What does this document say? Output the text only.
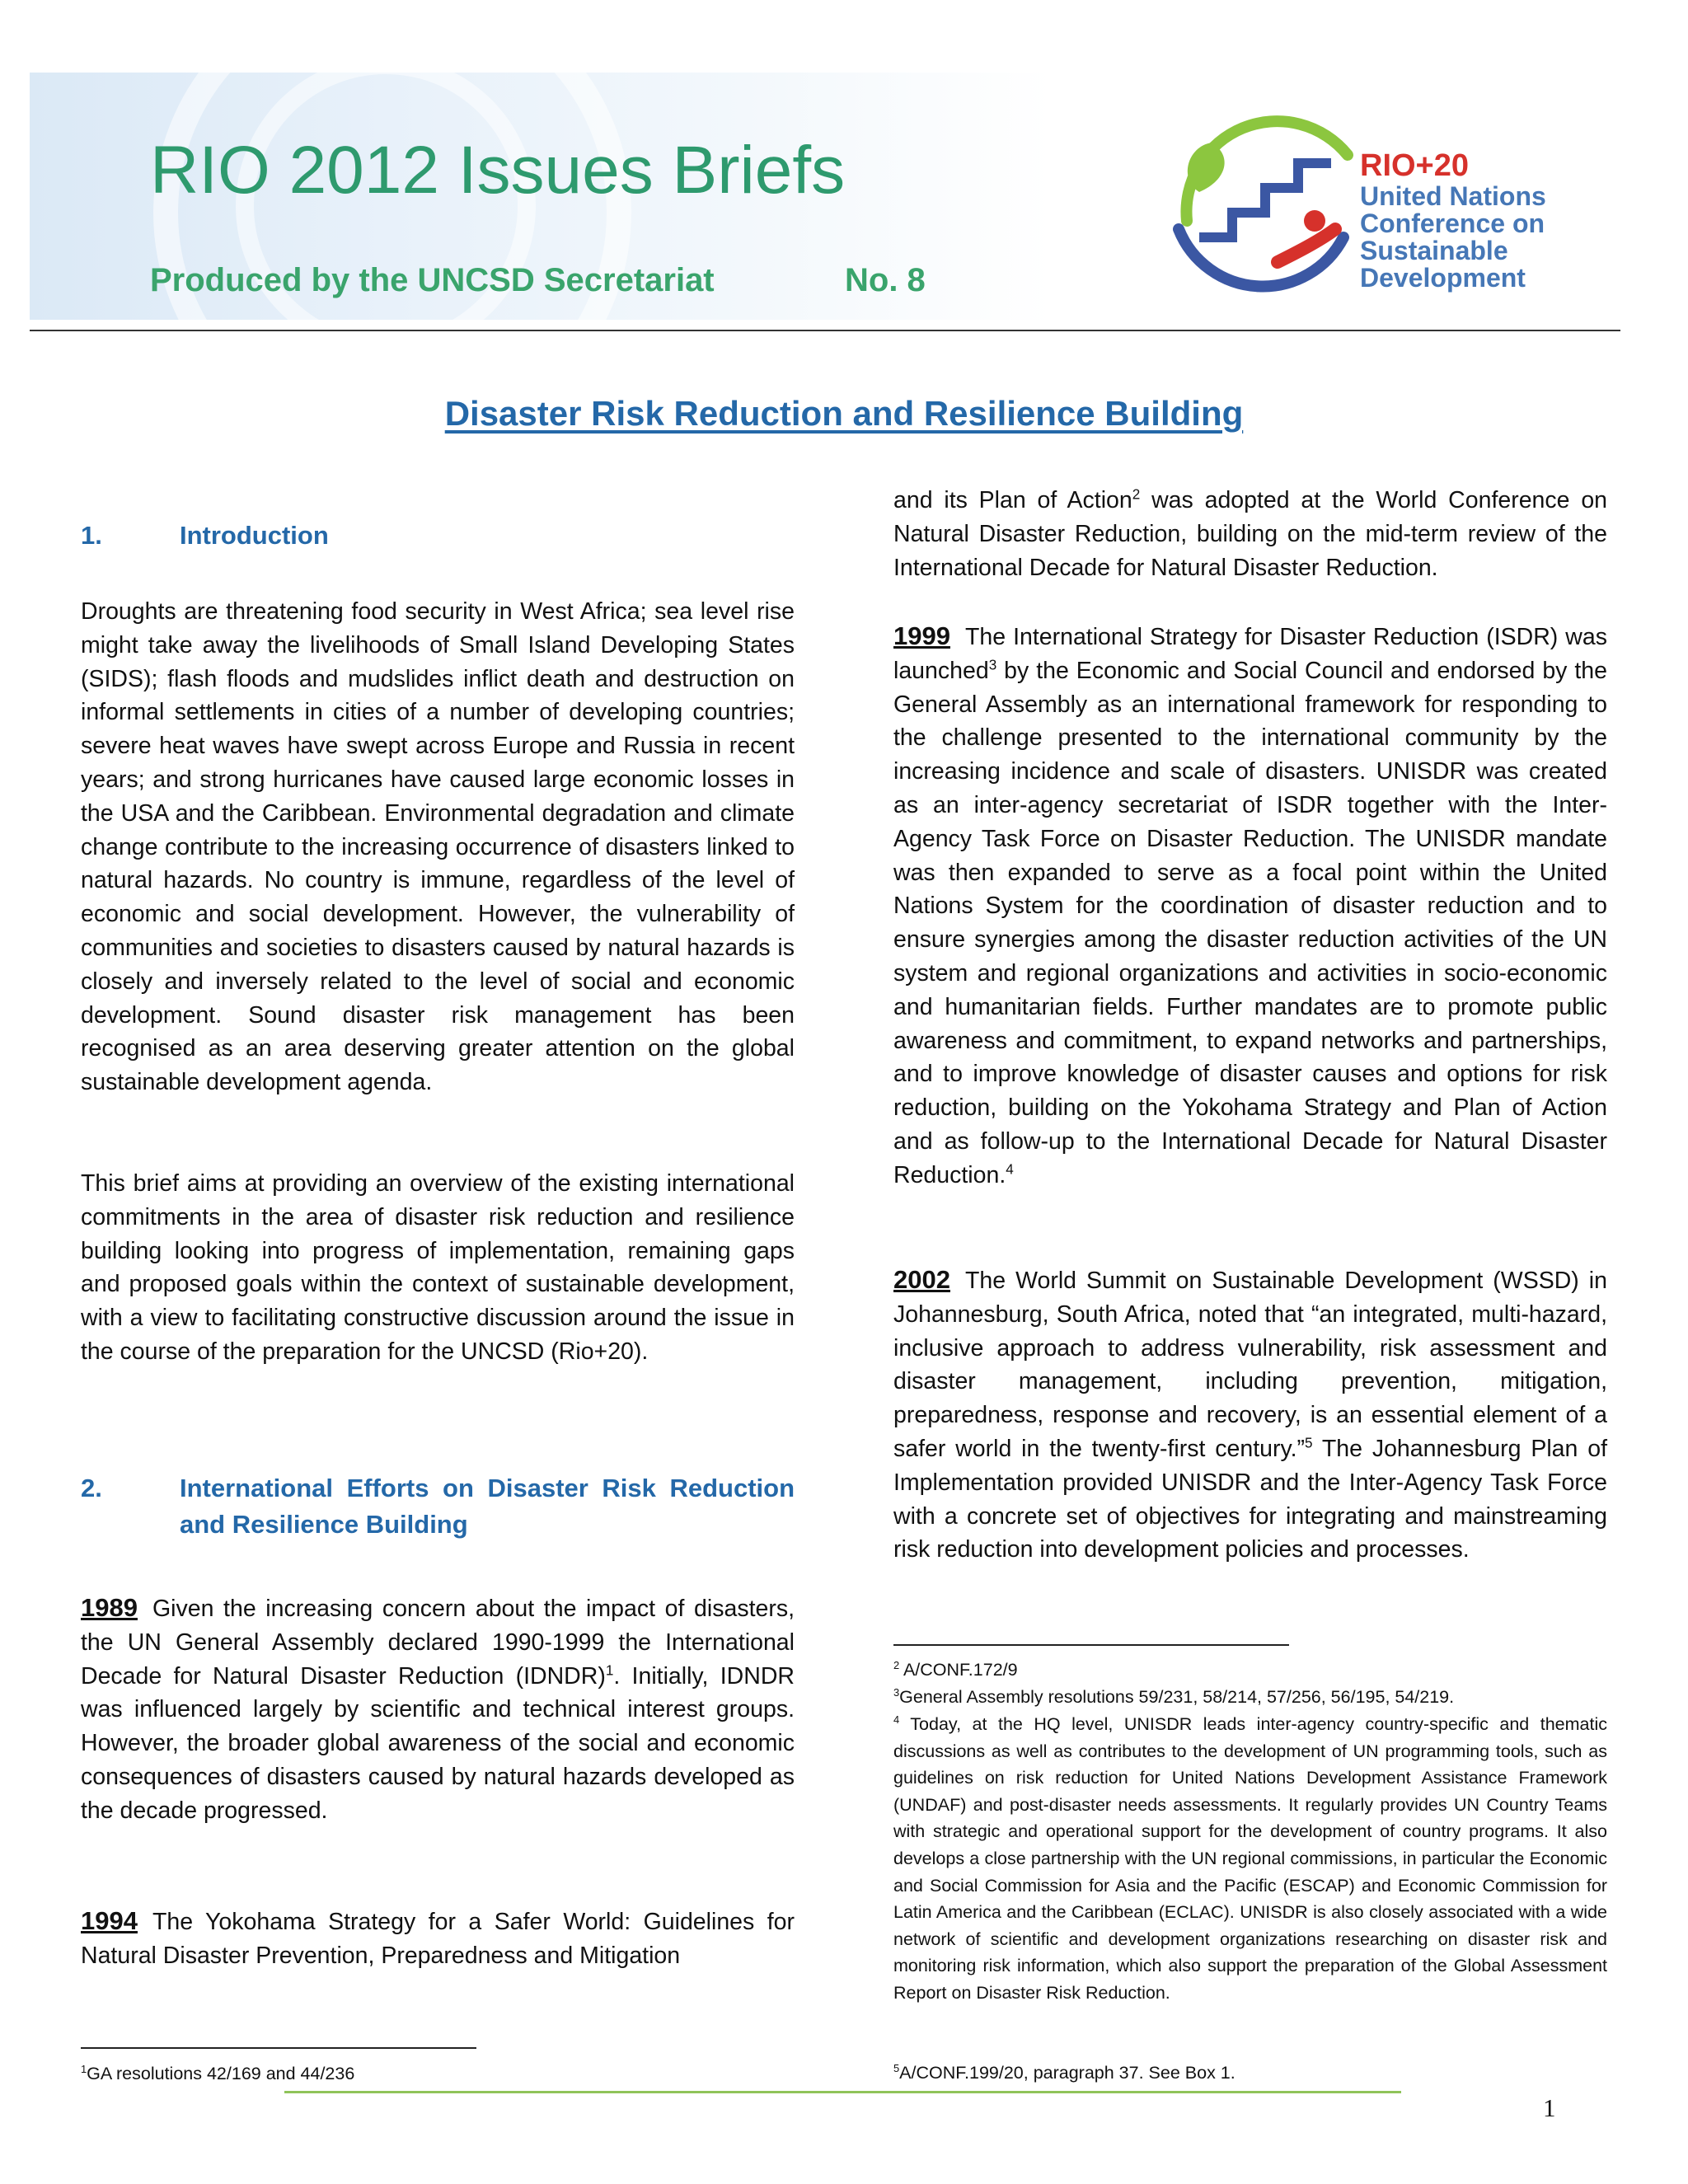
RIO 2012 Issues Briefs
Produced by the UNCSD Secretariat	No. 8
RIO+20
United Nations
Conference on
Sustainable
Development
Disaster Risk Reduction and Resilience Building
1.	Introduction

Droughts are threatening food security in West Africa; sea level rise might take away the livelihoods of Small Island Developing States (SIDS); flash floods and mudslides inflict death and destruction on informal settlements in cities of a number of developing countries; severe heat waves have swept across Europe and Russia in recent years; and strong hurricanes have caused large economic losses in the USA and the Caribbean. Environmental degradation and climate change contribute to the increasing occurrence of disasters linked to natural hazards. No country is immune, regardless of the level of economic and social development. However, the vulnerability of communities and societies to disasters caused by natural hazards is closely and inversely related to the level of social and economic development. Sound disaster risk management has been recognised as an area deserving greater attention on the global sustainable development agenda.

This brief aims at providing an overview of the existing international commitments in the area of disaster risk reduction and resilience building looking into progress of implementation, remaining gaps and proposed goals within the context of sustainable development, with a view to facilitating constructive discussion around the issue in the course of the preparation for the UNCSD (Rio+20).

2.	International Efforts on Disaster Risk Reduction and Resilience Building

1989 Given the increasing concern about the impact of disasters, the UN General Assembly declared 1990-1999 the International Decade for Natural Disaster Reduction (IDNDR)$^1$. Initially, IDNDR was influenced largely by scientific and technical interest groups. However, the broader global awareness of the social and economic consequences of disasters caused by natural hazards developed as the decade progressed.

1994 The Yokohama Strategy for a Safer World: Guidelines for Natural Disaster Prevention, Preparedness and Mitigation

$^1$GA resolutions 42/169 and 44/236

and its Plan of Action$^2$ was adopted at the World Conference on Natural Disaster Reduction, building on the mid-term review of the International Decade for Natural Disaster Reduction.

1999 The International Strategy for Disaster Reduction (ISDR) was launched$^3$ by the Economic and Social Council and endorsed by the General Assembly as an international framework for responding to the challenge presented to the international community by the increasing incidence and scale of disasters. UNISDR was created as an inter-agency secretariat of ISDR together with the Inter-Agency Task Force on Disaster Reduction. The UNISDR mandate was then expanded to serve as a focal point within the United Nations System for the coordination of disaster reduction and to ensure synergies among the disaster reduction activities of the UN system and regional organizations and activities in socio-economic and humanitarian fields. Further mandates are to promote public awareness and commitment, to expand networks and partnerships, and to improve knowledge of disaster causes and options for risk reduction, building on the Yokohama Strategy and Plan of Action and as follow-up to the International Decade for Natural Disaster Reduction.$^4$

2002 The World Summit on Sustainable Development (WSSD) in Johannesburg, South Africa, noted that “an integrated, multi-hazard, inclusive approach to address vulnerability, risk assessment and disaster management, including prevention, mitigation, preparedness, response and recovery, is an essential element of a safer world in the twenty-first century.”$^5$ The Johannesburg Plan of Implementation provided UNISDR and the Inter-Agency Task Force with a concrete set of objectives for integrating and mainstreaming risk reduction into development policies and processes.

$^2$ A/CONF.172/9

$^3$General Assembly resolutions 59/231, 58/214, 57/256, 56/195, 54/219.

$^4$ Today, at the HQ level, UNISDR leads inter-agency country-specific and thematic discussions as well as contributes to the development of UN programming tools, such as guidelines on risk reduction for United Nations Development Assistance Framework (UNDAF) and post-disaster needs assessments. It regularly provides UN Country Teams with strategic and operational support for the development of country programs. It also develops a close partnership with the UN regional commissions, in particular the Economic and Social Commission for Asia and the Pacific (ESCAP) and Economic Commission for Latin America and the Caribbean (ECLAC). UNISDR is also closely associated with a wide network of scientific and development organizations researching on disaster risk and monitoring risk information, which also support the preparation of the Global Assessment Report on Disaster Risk Reduction.

$^5$A/CONF.199/20, paragraph 37. See Box 1.

1
